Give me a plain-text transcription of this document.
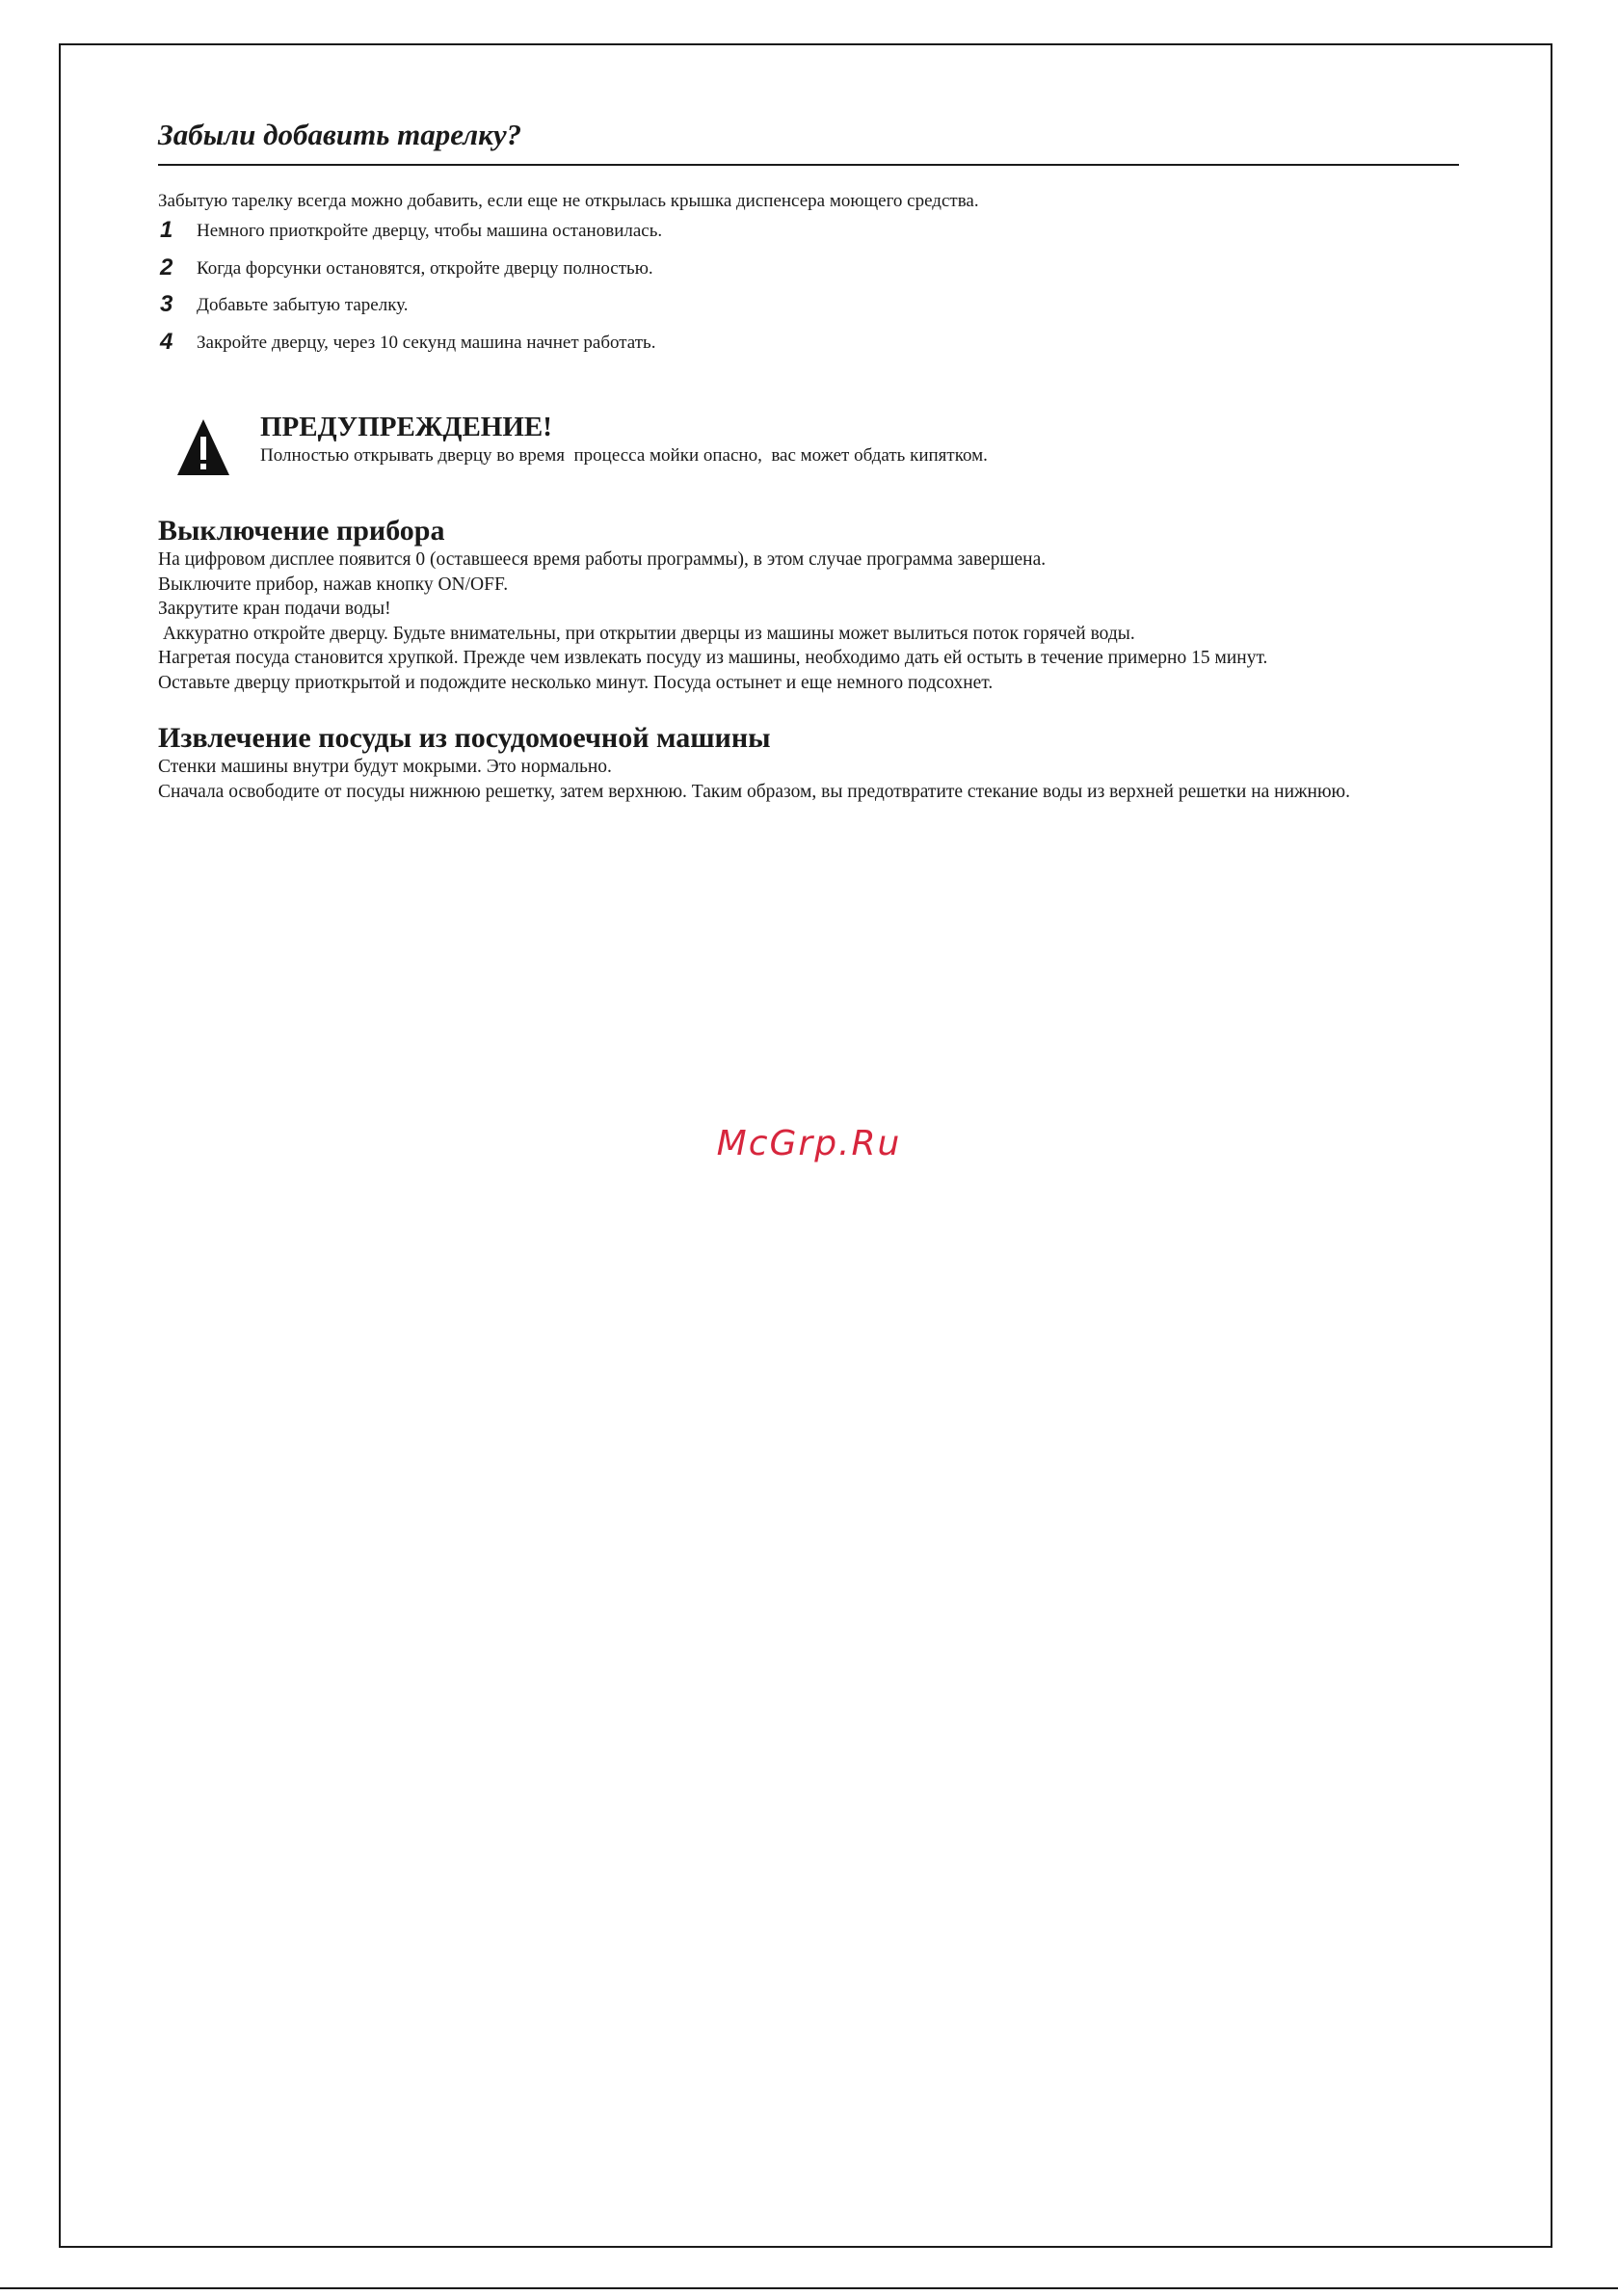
Забыли добавить тарелку?
Забытую тарелку всегда можно добавить, если еще не открылась крышка диспенсера моющего средства.
1 Немного приоткройте дверцу, чтобы машина остановилась.
2 Когда форсунки остановятся, откройте дверцу полностью.
3 Добавьте забытую тарелку.
4 Закройте дверцу, через 10 секунд машина начнет работать.
ПРЕДУПРЕЖДЕНИЕ!
Полностью открывать дверцу во время  процесса мойки опасно,  вас может обдать кипятком.
Выключение прибора
На цифровом дисплее появится 0 (оставшееся время работы программы), в этом случае программа завершена.
Выключите прибор, нажав кнопку ON/OFF.
Закрутите кран подачи воды!
Аккуратно откройте дверцу. Будьте внимательны, при открытии дверцы из машины может вылиться поток горячей воды.
Нагретая посуда становится хрупкой. Прежде чем извлекать посуду из машины, необходимо дать ей остыть в течение примерно 15 минут.
Оставьте дверцу приоткрытой и подождите несколько минут. Посуда остынет и еще немного подсохнет.
Извлечение посуды из посудомоечной машины
Стенки машины внутри будут мокрыми. Это нормально.
Сначала освободите от посуды нижнюю решетку, затем верхнюю. Таким образом, вы предотвратите стекание воды из верхней решетки на нижнюю.
McGrp.Ru
